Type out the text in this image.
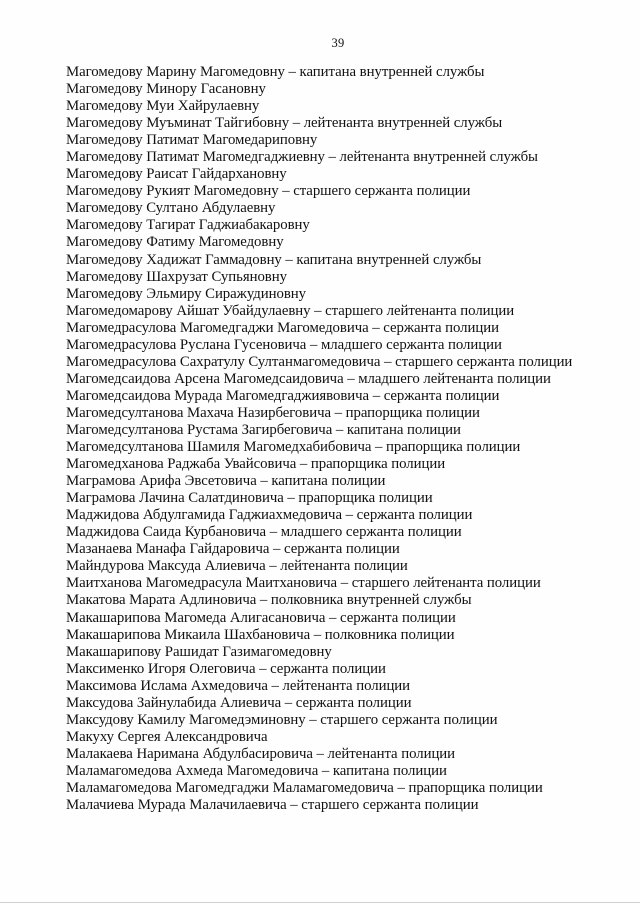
39
Магомедову Марину Магомедовну – капитана внутренней службы
Магомедову Минору Гасановну
Магомедову Муи Хайрулаевну
Магомедову Муъминат Тайгибовну – лейтенанта внутренней службы
Магомедову Патимат Магомедариповну
Магомедову Патимат Магомедгаджиевну – лейтенанта внутренней службы
Магомедову Раисат Гайдархановну
Магомедову Рукият Магомедовну – старшего сержанта полиции
Магомедову Султано Абдулаевну
Магомедову Тагират Гаджиабакаровну
Магомедову Фатиму Магомедовну
Магомедову Хадижат Гаммадовну – капитана внутренней службы
Магомедову Шахрузат Супьяновну
Магомедову Эльмиру Сиражудиновну
Магомедомарову Айшат Убайдулаевну – старшего лейтенанта полиции
Магомедрасулова Магомедгаджи Магомедовича – сержанта полиции
Магомедрасулова Руслана Гусеновича – младшего сержанта полиции
Магомедрасулова Сахратулу Султанмагомедовича – старшего сержанта полиции
Магомедсаидова Арсена Магомедсаидовича – младшего лейтенанта полиции
Магомедсаидова Мурада Магомедгаджиявовича – сержанта полиции
Магомедсултанова Махача Назирбеговича – прапорщика полиции
Магомедсултанова Рустама Загирбеговича – капитана полиции
Магомедсултанова Шамиля Магомедхабибовича – прапорщика полиции
Магомедханова Раджаба Увайсовича – прапорщика полиции
Маграмова Арифа Эвсетовича – капитана полиции
Маграмова Лачина Салатдиновича – прапорщика полиции
Маджидова Абдулгамида Гаджиахмедовича – сержанта полиции
Маджидова Саида Курбановича – младшего сержанта полиции
Мазанаева Манафа Гайдаровича – сержанта полиции
Майндурова Максуда Алиевича – лейтенанта полиции
Маитханова Магомедрасула Маитхановича – старшего лейтенанта полиции
Макатова Марата Адлиновича – полковника внутренней службы
Макашарипова Магомеда Алигасановича – сержанта полиции
Макашарипова Микаила Шахбановича – полковника полиции
Макашарипову Рашидат Газимагомедовну
Максименко Игоря Олеговича – сержанта полиции
Максимова Ислама Ахмедовича – лейтенанта полиции
Максудова Зайнулабида Алиевича – сержанта полиции
Максудову Камилу Магомедэминовну – старшего сержанта полиции
Макуху Сергея Александровича
Малакаева Наримана Абдулбасировича – лейтенанта полиции
Маламагомедова Ахмеда Магомедовича – капитана полиции
Маламагомедова Магомедгаджи Маламагомедовича – прапорщика полиции
Малачиева Мурада Малачилаевича – старшего сержанта полиции
